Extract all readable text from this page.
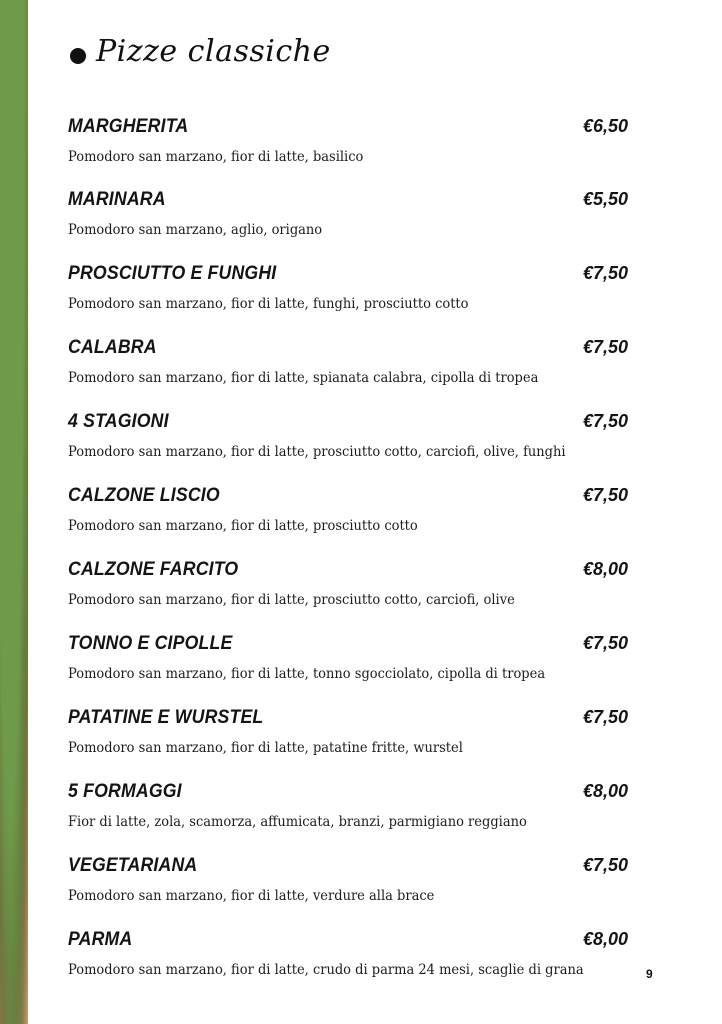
Pizze classiche
MARGHERITA	€6,50
Pomodoro san marzano, fior di latte, basilico
MARINARA	€5,50
Pomodoro san marzano, aglio, origano
PROSCIUTTO E FUNGHI	€7,50
Pomodoro san marzano, fior di latte, funghi, prosciutto cotto
CALABRA	€7,50
Pomodoro san marzano, fior di latte, spianata calabra, cipolla di tropea
4 STAGIONI	€7,50
Pomodoro san marzano, fior di latte, prosciutto cotto, carciofi, olive, funghi
CALZONE LISCIO	€7,50
Pomodoro san marzano, fior di latte, prosciutto cotto
CALZONE FARCITO	€8,00
Pomodoro san marzano, fior di latte, prosciutto cotto, carciofi, olive
TONNO E CIPOLLE	€7,50
Pomodoro san marzano, fior di latte, tonno sgocciolato, cipolla di tropea
PATATINE E WURSTEL	€7,50
Pomodoro san marzano, fior di latte, patatine fritte, wurstel
5 FORMAGGI	€8,00
Fior di latte, zola, scamorza, affumicata, branzi, parmigiano reggiano
VEGETARIANA	€7,50
Pomodoro san marzano, fior di latte, verdure alla brace
PARMA	€8,00
Pomodoro san marzano, fior di latte, crudo di parma 24 mesi, scaglie di grana	9
